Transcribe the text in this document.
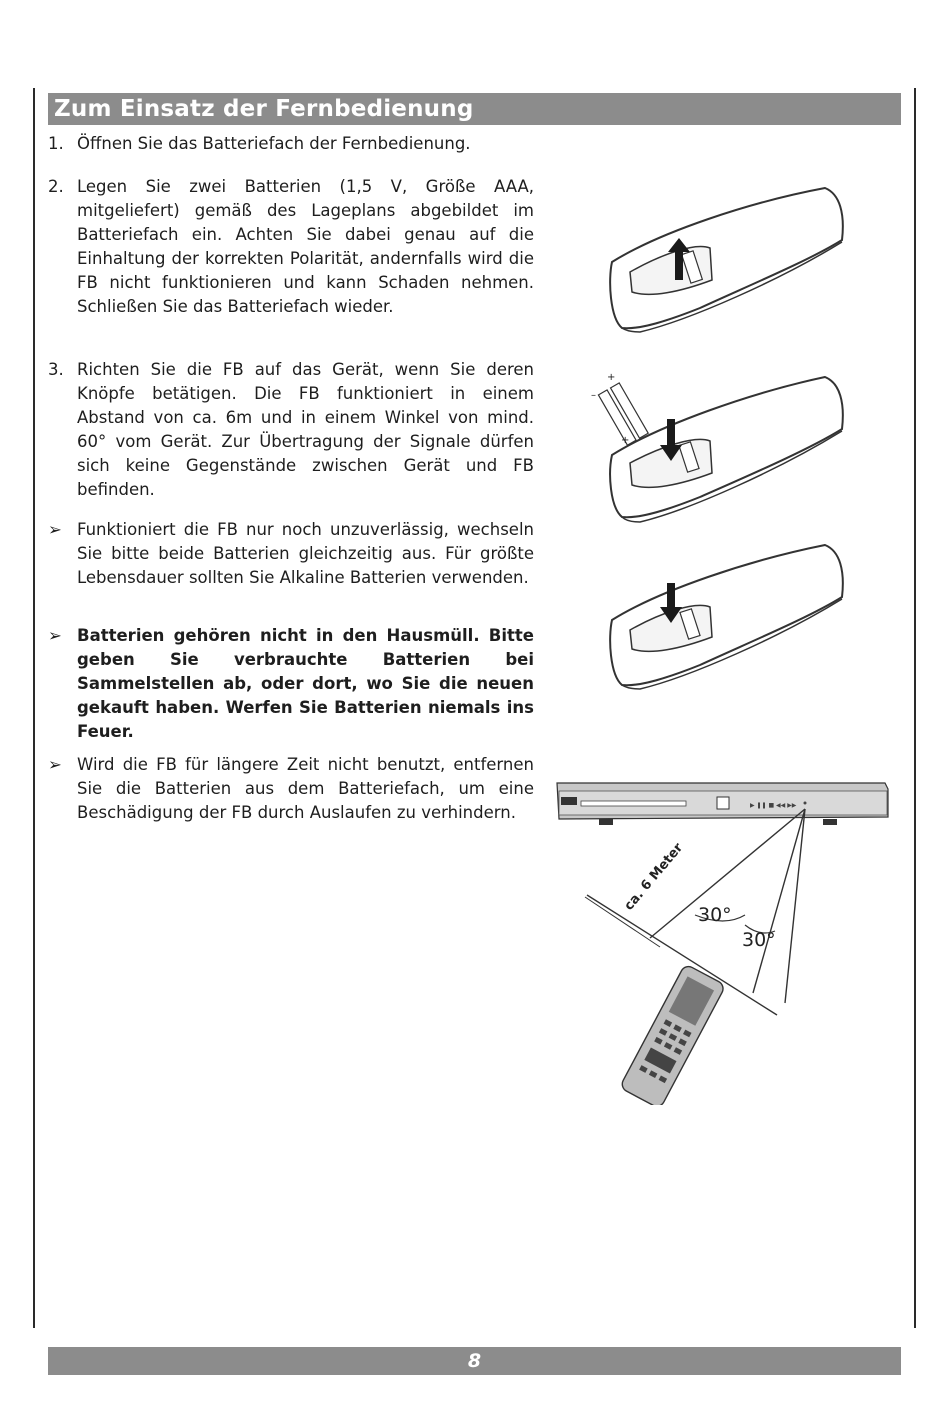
Zum Einsatz der Fernbedienung
1. Öffnen Sie das Batteriefach der Fernbedienung.
2. Legen Sie zwei Batterien (1,5 V, Größe AAA, mitgeliefert) gemäß des Lageplans abgebildet im Batteriefach ein. Achten Sie dabei genau auf die Einhaltung der korrekten Polarität, andernfalls wird die FB nicht funktionieren und kann Schaden nehmen. Schließen Sie das Batteriefach wieder.
3. Richten Sie die FB auf das Gerät, wenn Sie deren Knöpfe betätigen. Die FB funktioniert in einem Abstand von ca. 6m und in einem Winkel von mind. 60° vom Gerät. Zur Übertragung der Signale dürfen sich keine Gegenstände zwischen Gerät und FB befinden.
➢ Funktioniert die FB nur noch unzuverlässig, wechseln Sie bitte beide Batterien gleichzeitig aus. Für größte Lebensdauer sollten Sie Alkaline Batterien verwenden.
➢ Batterien gehören nicht in den Hausmüll. Bitte geben Sie verbrauchte Batterien bei Sammelstellen ab, oder dort, wo Sie die neuen gekauft haben. Werfen Sie Batterien niemals ins Feuer.
➢ Wird die FB für längere Zeit nicht benutzt, entfernen Sie die Batterien aus dem Batteriefach, um eine Beschädigung der FB durch Auslaufen zu verhindern.
+
–
+
▶ ❚❚ ■ ◀◀ ▶▶
ca. 6 Meter
30°
30°
8
